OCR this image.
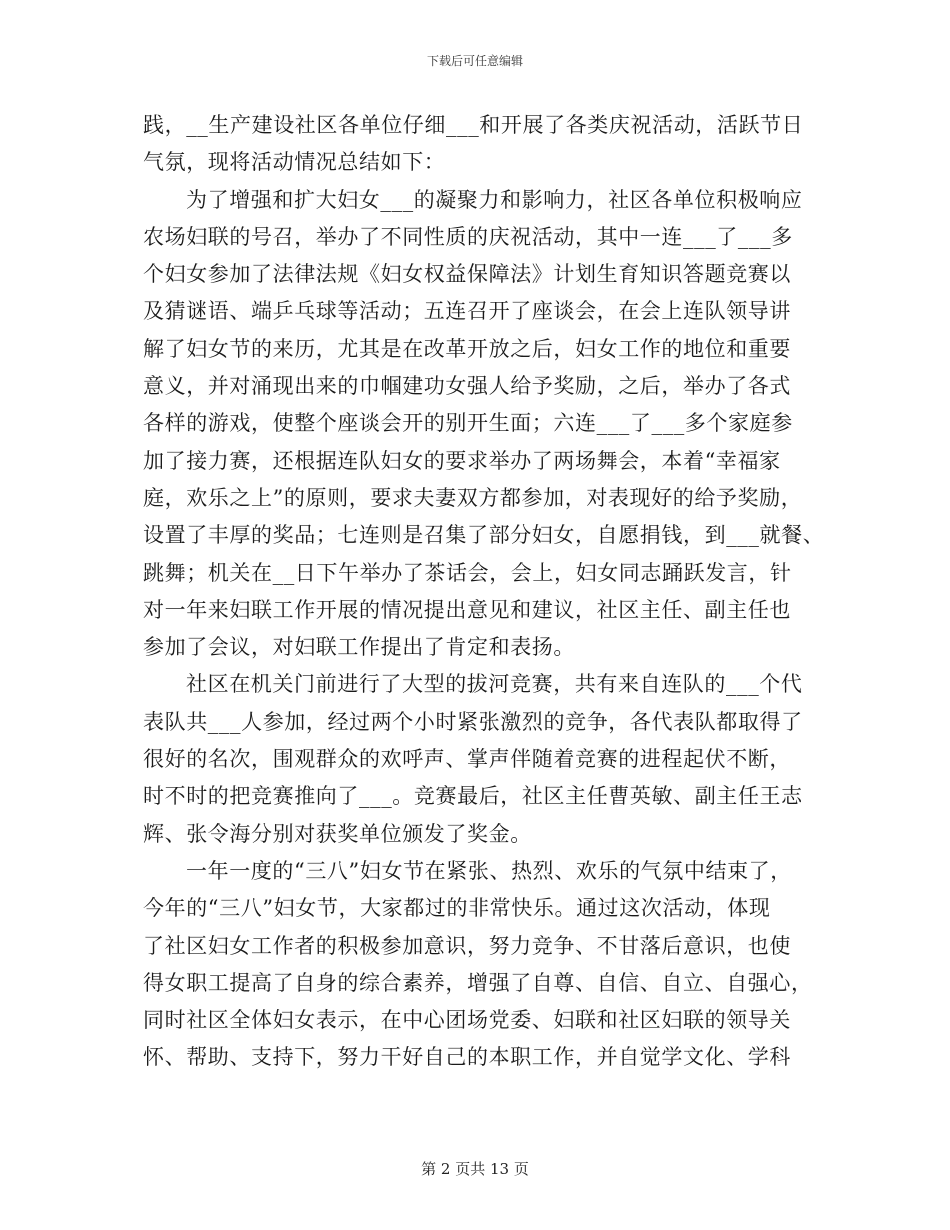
下载后可任意编辑
践，__生产建设社区各单位仔细___和开展了各类庆祝活动，活跃节日
气氛，现将活动情况总结如下：
为了增强和扩大妇女___的凝聚力和影响力，社区各单位积极响应
农场妇联的号召，举办了不同性质的庆祝活动，其中一连___了___多
个妇女参加了法律法规《妇女权益保障法》计划生育知识答题竞赛以
及猜谜语、端乒乓球等活动；五连召开了座谈会，在会上连队领导讲
解了妇女节的来历，尤其是在改革开放之后，妇女工作的地位和重要
意义，并对涌现出来的巾帼建功女强人给予奖励，之后，举办了各式
各样的游戏，使整个座谈会开的别开生面；六连___了___多个家庭参
加了接力赛，还根据连队妇女的要求举办了两场舞会，本着“幸福家
庭，欢乐之上”的原则，要求夫妻双方都参加，对表现好的给予奖励，
设置了丰厚的奖品；七连则是召集了部分妇女，自愿捐钱，到___就餐、
跳舞；机关在__日下午举办了茶话会，会上，妇女同志踊跃发言，针
对一年来妇联工作开展的情况提出意见和建议，社区主任、副主任也
参加了会议，对妇联工作提出了肯定和表扬。
社区在机关门前进行了大型的拔河竞赛，共有来自连队的___个代
表队共___人参加，经过两个小时紧张激烈的竞争，各代表队都取得了
很好的名次，围观群众的欢呼声、掌声伴随着竞赛的进程起伏不断，
时不时的把竞赛推向了___。竞赛最后，社区主任曹英敏、副主任王志
辉、张令海分别对获奖单位颁发了奖金。
一年一度的“三八”妇女节在紧张、热烈、欢乐的气氛中结束了，
今年的“三八”妇女节，大家都过的非常快乐。通过这次活动，体现
了社区妇女工作者的积极参加意识，努力竞争、不甘落后意识，也使
得女职工提高了自身的综合素养，增强了自尊、自信、自立、自强心，
同时社区全体妇女表示，在中心团场党委、妇联和社区妇联的领导关
怀、帮助、支持下，努力干好自己的本职工作，并自觉学文化、学科
第 2 页共 13 页
